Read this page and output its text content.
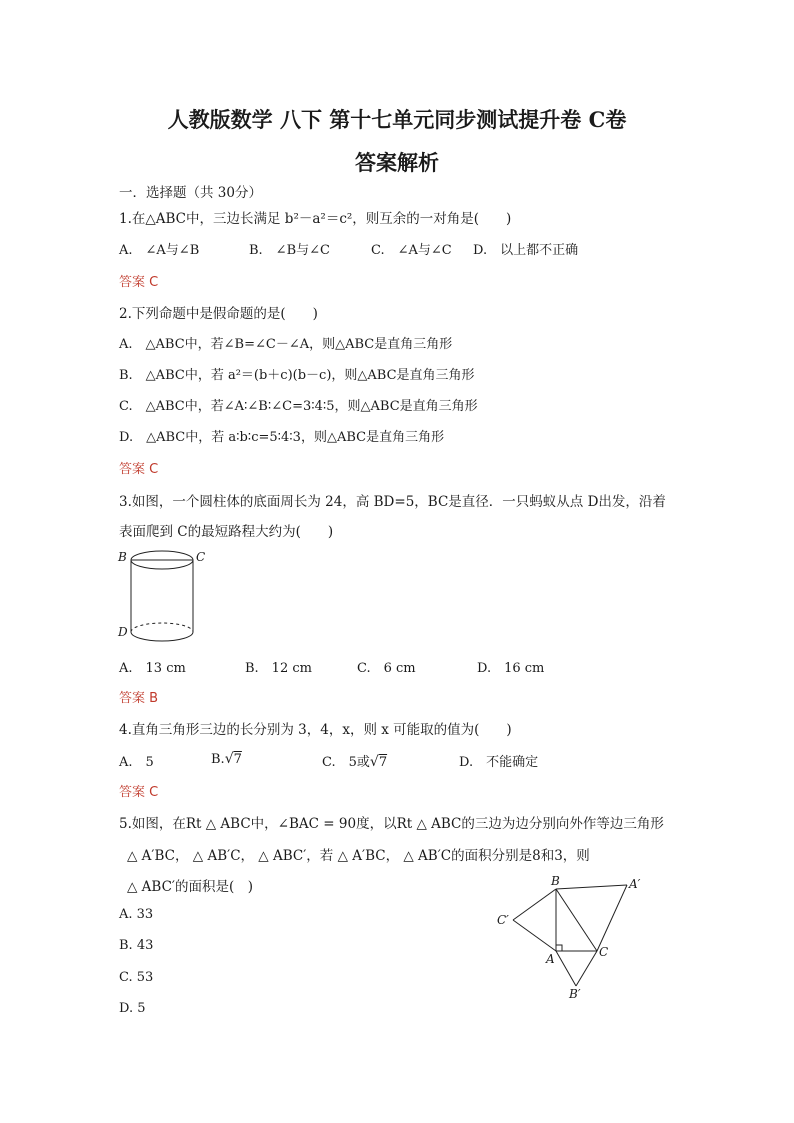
人教版数学 八下 第十七单元同步测试提升卷 C卷
答案解析
一．选择题（共 30分）
1.在△ABC中，三边长满足 b²－a²＝c²，则互余的一对角是(　　)
A.　∠A与∠B	B.　∠B与∠C	C.　∠A与∠C D.　以上都不正确
答案 C
2.下列命题中是假命题的是(　　)
A.　△ABC中，若∠B=∠C－∠A，则△ABC是直角三角形
B.　△ABC中，若 a²＝(b＋c)(b－c)，则△ABC是直角三角形
C.　△ABC中，若∠A∶∠B∶∠C=3∶4∶5，则△ABC是直角三角形
D.　△ABC中，若 a∶b∶c=5∶4∶3，则△ABC是直角三角形
答案 C
3.如图，一个圆柱体的底面周长为 24，高 BD=5，BC是直径．一只蚂蚁从点 D出发，沿着
表面爬到 C的最短路程大约为(　　)
B	C
D
A.　13 cm	B.　12 cm	C.　6 cm	D.　16 cm
答案 B
4.直角三角形三边的长分别为 3，4，x，则 x 可能取的值为(　　)
A.　5	B.√7	C.　5或√7	D.　不能确定
答案 C
5.如图，在Rt △ ABC中，∠BAC = 90度，以Rt △ ABC的三边为边分别向外作等边三角形
△ A′BC， △ AB′C， △ ABC′，若 △ A′BC， △ AB′C的面积分别是8和3，则
△ ABC′的面积是(　)
A. 33
B. 43
C. 53
D. 5
B	A′
C′
A	C
B′
